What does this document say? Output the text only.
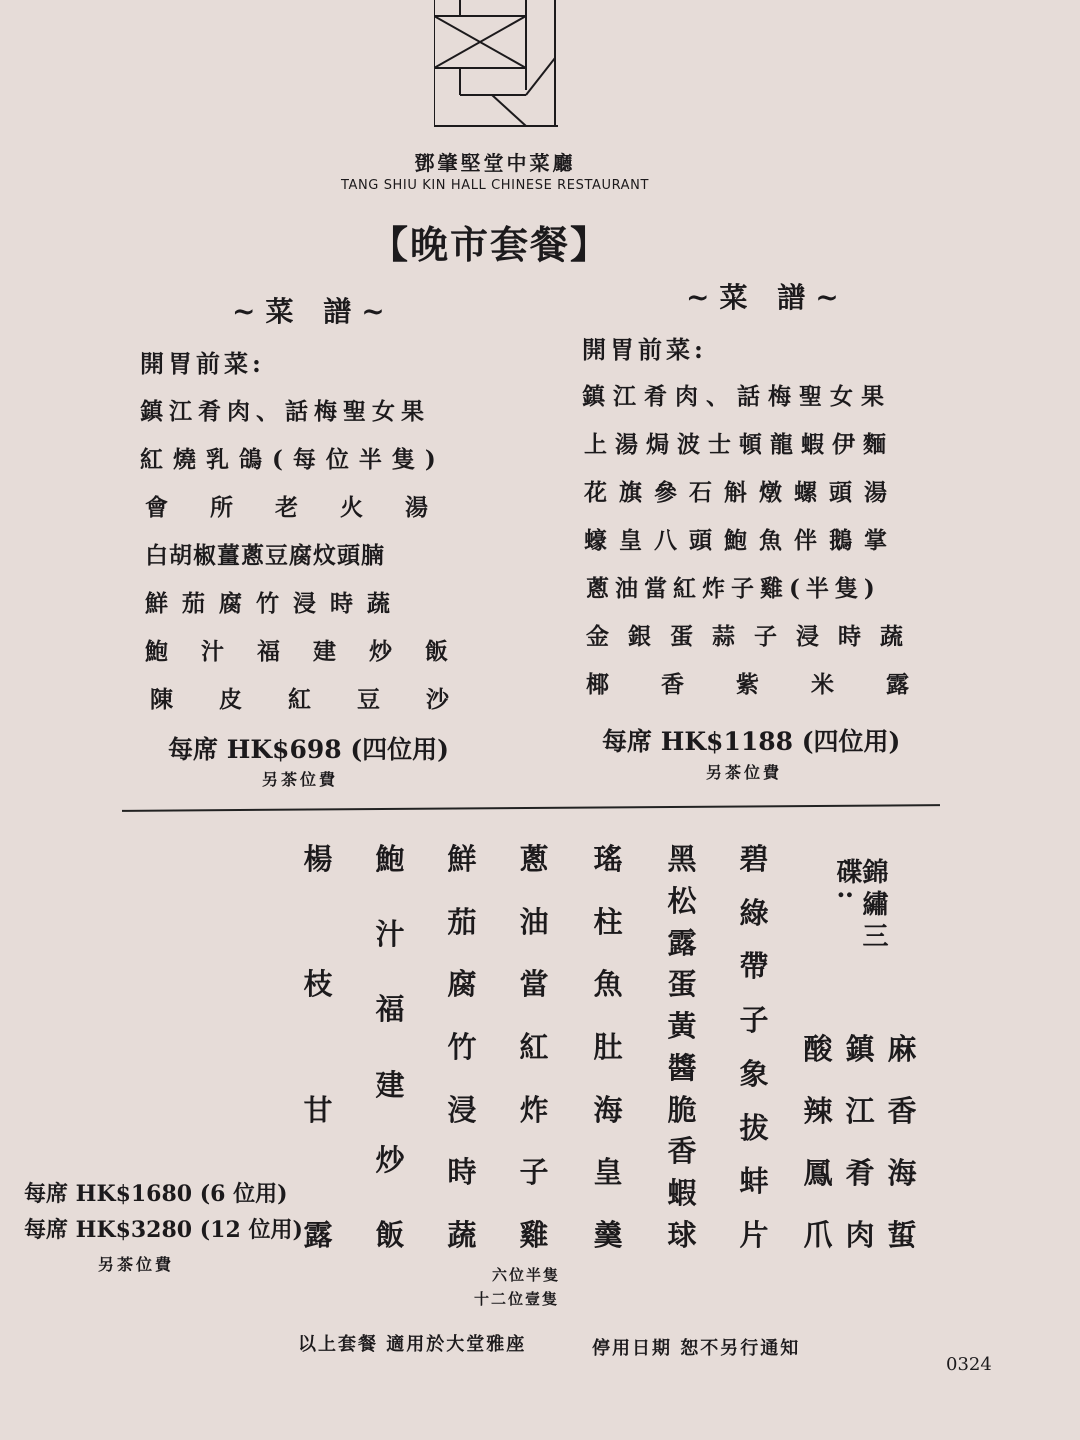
鄧肇堅堂中菜廳
TANG SHIU KIN HALL CHINESE RESTAURANT
【晚市套餐】
~菜 譜~
開胃前菜:
鎮江肴肉、話梅聖女果
紅燒乳鴿(每位半隻)
會所老火湯
白胡椒薑蔥豆腐炆頭腩
鮮茄腐竹浸時蔬
鮑汁福建炒飯
陳皮紅豆沙
每席 HK$698 (四位用)
另茶位費
~菜 譜~
開胃前菜:
鎮江肴肉、話梅聖女果
上湯焗波士頓龍蝦伊麵
花旗參石斛燉螺頭湯
蠔皇八頭鮑魚伴鵝掌
蔥油當紅炸子雞(半隻)
金銀蛋蒜子浸時蔬
椰香紫米露
每席 HK$1188 (四位用)
另茶位費
錦繡三碟:
麻
香
海
蜇
鎮
江
肴
肉
酸
辣
鳳
爪
碧
綠
帶
子
象
拔
蚌
片
黑
松
露
蛋
黃
醬
脆
香
蝦
球
瑤
柱
魚
肚
海
皇
羹
蔥
油
當
紅
炸
子
雞
鮮
茄
腐
竹
浸
時
蔬
鮑
汁
福
建
炒
飯
楊
枝
甘
露
六位半隻
十二位壹隻
每席 HK$1680 (6 位用)
每席 HK$3280 (12 位用)
另茶位費
以上套餐 適用於大堂雅座	停用日期 恕不另行通知
0324
